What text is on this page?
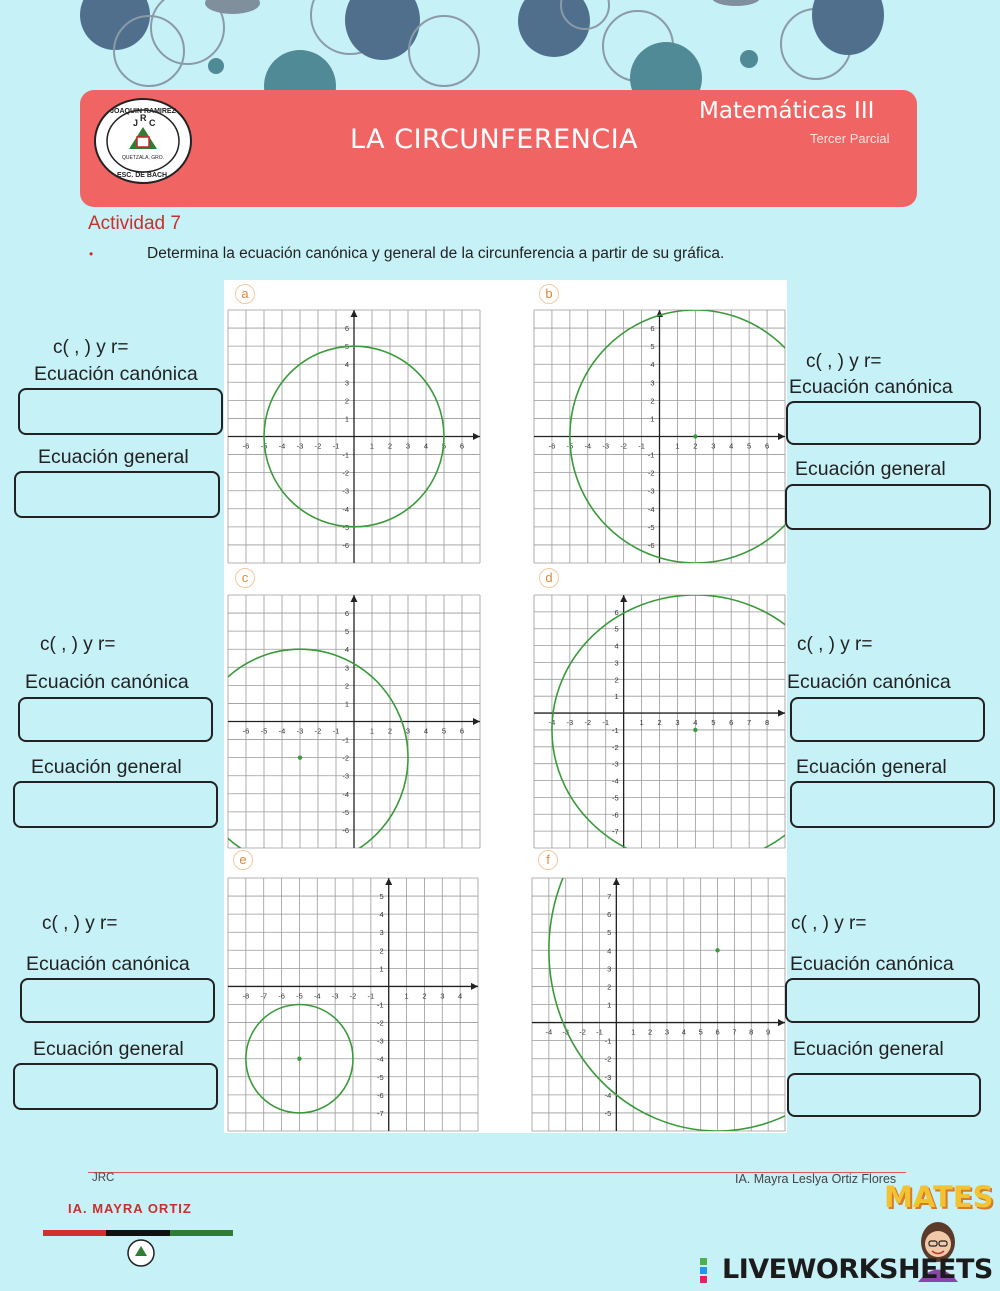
JOAQUIN RAMIREZ
J R C
QUETZALA, GRO.
ESC. DE BACH.
LA CIRCUNFERENCIA
Matemáticas III
Tercer Parcial
Actividad 7
•	Determina la ecuación canónica y general de la circunferencia a partir de su gráfica.
-6 -5 -4 -3 -2 -1	1 2 3 4 5 6
-6
-5
-4
-3
-2
-1
1
2
3
4
5
6
-6 -5 -4 -3 -2 -1	1 2 3 4 5 6
-6
-5
-4
-3
-2
-1
1
2
3
4
5
6
-6 -5 -4 -3 -2 -1	1 2 3 4 5 6
-6
-5
-4
-3
-2
-1
1
2
3
4
5
6
-4 -3 -2 -1	1 2 3 4 5 6 7 8
-7
-6
-5
-4
-3
-2
-1
1
2
3
4
5
6
-8 -7 -6 -5 -4 -3 -2 -1	1 2 3 4
-7
-6
-5
-4
-3
-2
-1
1
2
3
4
5
-4 -3 -2 -1	1 2 3 4 5 6 7 8 9
-5
-4
-3
-2
-1
1
2
3
4
5
6
7
a	b
c	d
e	f
c( , ) y r=
Ecuación canónica
Ecuación general
c( , ) y r=
Ecuación canónica
Ecuación general
c( , ) y r=
Ecuación canónica
Ecuación general
c( , ) y r=
Ecuación canónica
Ecuación general
c( , ) y r=
Ecuación canónica
Ecuación general
c( , ) y r=
Ecuación canónica
Ecuación general
JRC	IA. Mayra Leslya Ortiz Flores
IA. MAYRA ORTIZ	MATES
LIVEWORKSHEETS
